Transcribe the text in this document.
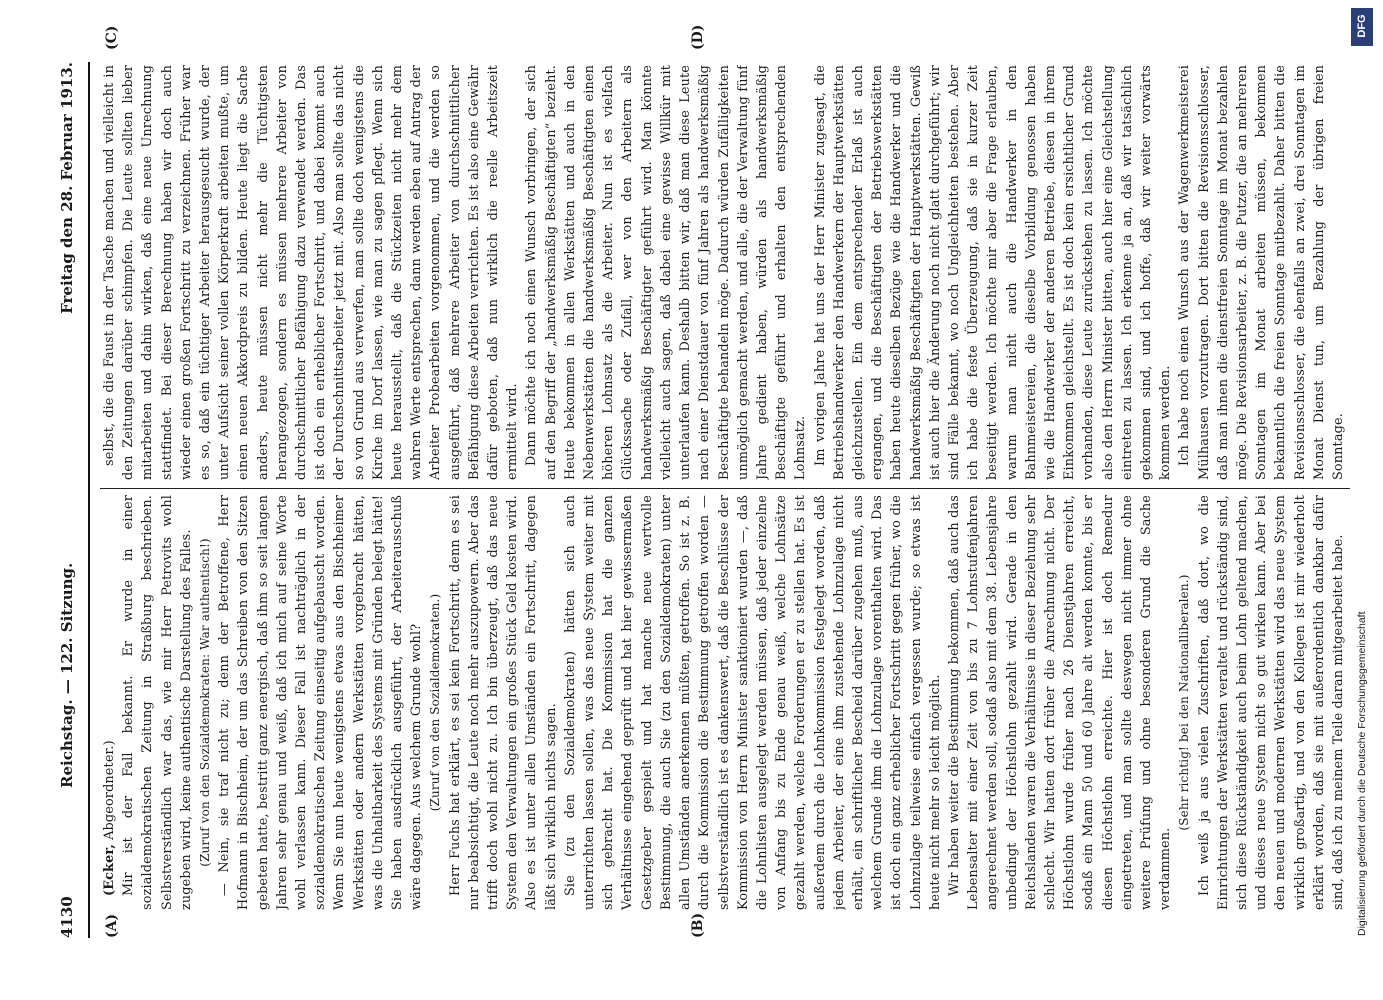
4130
Reichstag. — 122. Sitzung.
Freitag den 28. Februar 1913.
(A)	(B)
(C)	(D)

(Ecker, Abgeordneter.) Mir ist der Fall bekannt. Er wurde in einer sozialdemokratischen Zeitung in Straßburg beschrieben. Selbstverständlich war das, wie mir Herr Petrovits wohl zugeben wird, keine authentische Darstellung des Falles. (Zuruf von den Sozialdemokraten: War authentisch!) — Nein, sie traf nicht zu; denn der Betroffene, Herr Hofmann in Bischheim, der um das Schreiben von den Sitzen gebeten hatte, bestritt ganz energisch, daß ihm so seit langen Jahren sehr genau und weiß, daß ich mich auf seine Worte wohl verlassen kann. Dieser Fall ist nachträglich in der sozialdemokratischen Zeitung einseitig aufgebauscht worden. Wenn Sie nun heute wenigstens etwas aus den Bischheimer Werkstätten oder andern Werkstätten vorgebracht hätten, was die Unhaltbarkeit des Systems mit Gründen belegt hätte! Sie haben ausdrücklich ausgeführt, der Arbeiterausschuß wäre dagegen. Aus welchem Grunde wohl? (Zuruf von den Sozialdemokraten.) Herr Fuchs hat erklärt, es sei kein Fortschritt, denn es sei nur beabsichtigt, die Leute noch mehr auszupowern. Aber das trifft doch wohl nicht zu. Ich bin überzeugt, daß das neue System den Verwaltungen ein großes Stück Geld kosten wird. Also es ist unter allen Umständen ein Fortschritt, dagegen läßt sich wirklich nichts sagen. Sie (zu den Sozialdemokraten) hätten sich auch unterrichten lassen sollen, was das neue System weiter mit sich gebracht hat. Die Kommission hat die ganzen Verhältnisse eingehend geprüft und hat hier gewissermaßen Gesetzgeber gespielt und hat manche neue wertvolle Bestimmung, die auch Sie (zu den Sozialdemokraten) unter allen Umständen anerkennen müßten, getroffen. So ist z. B. durch die Kommission die Bestimmung getroffen worden — selbstverständlich ist es dankenswert, daß die Beschlüsse der Kommission von Herrn Minister sanktioniert wurden —, daß die Lohnlisten ausgelegt werden müssen, daß jeder einzelne von Anfang bis zu Ende genau weiß, welche Lohnsätze gezahlt werden, welche Forderungen er zu stellen hat. Es ist außerdem durch die Lohnkommission festgelegt worden, daß jedem Arbeiter, der eine ihm zustehende Lohnzulage nicht erhält, ein schriftlicher Bescheid darüber zugehen muß, aus welchem Grunde ihm die Lohnzulage vorenthalten wird. Das ist doch ein ganz erheblicher Fortschritt gegen früher, wo die Lohnzulage teilweise einfach vergessen wurde; so etwas ist heute nicht mehr so leicht möglich. Wir haben weiter die Bestimmung bekommen, daß auch das Lebensalter mit einer Zeit von bis zu 7 Lohnstufenjahren angerechnet werden soll, sodaß also mit dem 38. Lebensjahre unbedingt der Höchstlohn gezahlt wird. Gerade in den Reichslanden waren die Verhältnisse in dieser Beziehung sehr schlecht. Wir hatten dort früher die Anrechnung nicht. Der Höchstlohn wurde früher nach 26 Dienstjahren erreicht, sodaß ein Mann 50 und 60 Jahre alt werden konnte, bis er diesen Höchstlohn erreichte. Hier ist doch Remedur eingetreten, und man sollte deswegen nicht immer ohne weitere Prüfung und ohne besonderen Grund die Sache verdammen.

(Sehr richtig! bei den Nationalliberalen.) Ich weiß ja aus vielen Zuschriften, daß dort, wo die Einrichtungen der Werkstätten veraltet und rückständig sind, sich diese Rückständigkeit auch beim Lohn geltend machen, und dieses neue System nicht so gut wirken kann. Aber bei den neuen und modernen Werkstätten wird das neue System wirklich großartig, und von den Kollegen ist mir wiederholt erklärt worden, daß sie mit außerordentlich dankbar dafür sind, daß ich zu meinem Teile daran mitgearbeitet habe.

selbst, die die Faust in der Tasche machen und vielleicht in den Zeitungen darüber schimpfen. Die Leute sollten lieber mitarbeiten und dahin wirken, daß eine neue Unrechnung stattfindet. Bei dieser Berechnung haben wir doch auch wieder einen großen Fortschritt zu verzeichnen. Früher war es so, daß ein tüchtiger Arbeiter herausgesucht wurde, der unter Aufsicht seiner vollen Körperkraft arbeiten mußte, um einen neuen Akkordpreis zu bilden. Heute liegt die Sache anders, heute müssen nicht mehr die Tüchtigsten herangezogen, sondern es müssen mehrere Arbeiter von durchschnittlicher Befähigung dazu verwendet werden. Das ist doch ein erheblicher Fortschritt, und dabei kommt auch der Durchschnittsarbeiter jetzt mit. Also man sollte das nicht so von Grund aus verwerfen, man sollte doch wenigstens die Kirche im Dorf lassen, wie man zu sagen pflegt. Wenn sich heute herausstellt, daß die Stückzeiten nicht mehr dem wahren Werte entsprechen, dann werden eben auf Antrag der Arbeiter Probearbeiten vorgenommen, und die werden so ausgeführt, daß mehrere Arbeiter von durchschnittlicher Befähigung diese Arbeiten verrichten. Es ist also eine Gewähr dafür geboten, daß nun wirklich die reelle Arbeitszeit ermittelt wird. Dann möchte ich noch einen Wunsch vorbringen, der sich auf den Begriff der „handwerksmäßig Beschäftigten“ bezieht. Heute bekommen in allen Werkstätten und auch in den Nebenwerkstätten die handwerksmäßig Beschäftigten einen höheren Lohnsatz als die Arbeiter. Nun ist es vielfach Glückssache oder Zufall, wer von den Arbeitern als handwerksmäßig Beschäftigter geführt wird. Man könnte vielleicht auch sagen, daß dabei eine gewisse Willkür mit unterlaufen kann. Deshalb bitten wir, daß man diese Leute nach einer Dienstdauer von fünf Jahren als handwerksmäßig Beschäftigte behandeln möge. Dadurch würden Zufälligkeiten unmöglich gemacht werden, und alle, die der Verwaltung fünf Jahre gedient haben, würden als handwerksmäßig Beschäftigte geführt und erhalten den entsprechenden Lohnsatz. Im vorigen Jahre hat uns der Herr Minister zugesagt, die Betriebshandwerker den Handwerkern der Hauptwerkstätten gleichzustellen. Ein dem entsprechender Erlaß ist auch ergangen, und die Beschäftigten der Betriebswerkstätten haben heute dieselben Bezüge wie die Handwerker und die handwerksmäßig Beschäftigten der Hauptwerkstätten. Gewiß ist auch hier die Änderung noch nicht glatt durchgeführt; wir sind Fälle bekannt, wo noch Ungleichheiten bestehen. Aber ich habe die feste Überzeugung, daß sie in kurzer Zeit beseitigt werden. Ich möchte mir aber die Frage erlauben, warum man nicht auch die Handwerker in den Bahnmeistereien, die dieselbe Vorbildung genossen haben wie die Handwerker der anderen Betriebe, diesen in ihrem Einkommen gleichstellt. Es ist doch kein ersichtlicher Grund vorhanden, diese Leute zurückstehen zu lassen. Ich möchte also den Herrn Minister bitten, auch hier eine Gleichstellung eintreten zu lassen. Ich erkenne ja an, daß wir tatsächlich gekommen sind, und ich hoffe, daß wir weiter vorwärts kommen werden. Ich habe noch einen Wunsch aus der Wagenwerkmeisterei Mülhausen vorzutragen. Dort bitten die Revisionsschlosser, daß man ihnen die dienstfreien Sonntage im Monat bezahlen möge. Die Revisionsarbeiter, z. B. die Putzer, die an mehreren Sonntagen im Monat arbeiten müssen, bekommen bekanntlich die freien Sonntage mitbezahlt. Daher bitten die Revisionsschlosser, die ebenfalls an zwei, drei Sonntagen im Monat Dienst tun, um Bezahlung der übrigen freien Sonntage.

Digitalisierung gefördert durch die Deutsche Forschungsgemeinschaft
DFG
